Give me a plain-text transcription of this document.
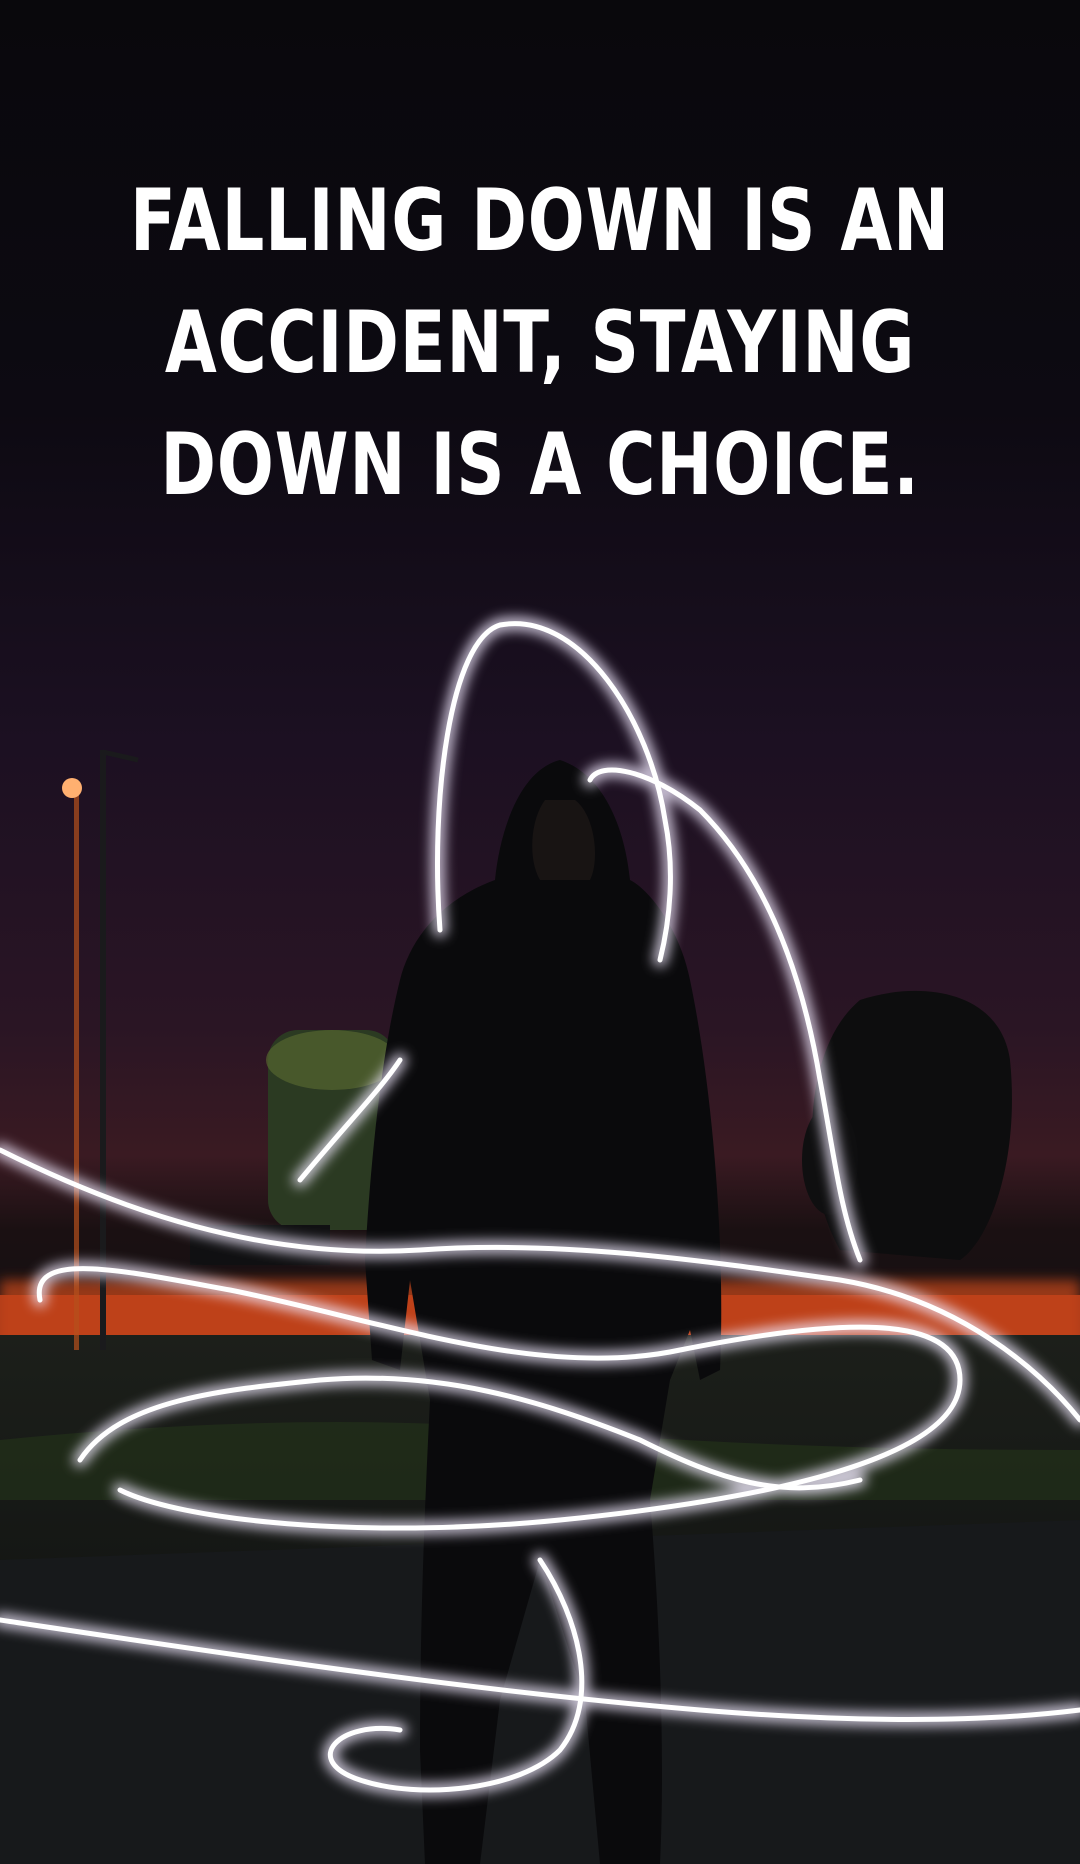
FALLING DOWN IS AN
ACCIDENT, STAYING
DOWN IS A CHOICE.
